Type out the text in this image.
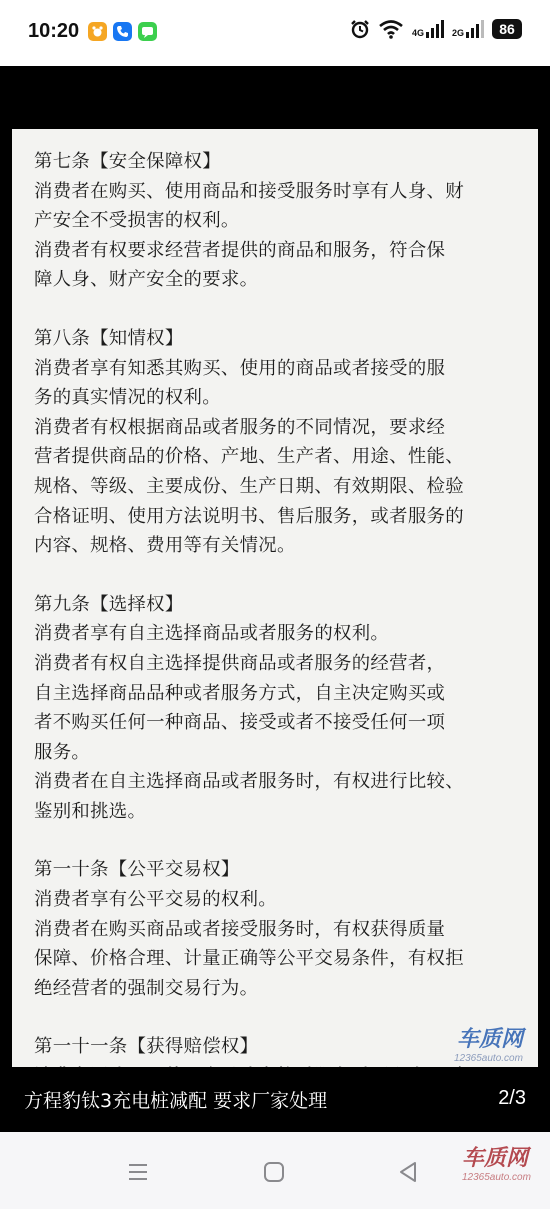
10:20	4G	2G	86

第七条【安全保障权】

消费者在购买、使用商品和接受服务时享有人身、财

产安全不受损害的权利。

消费者有权要求经营者提供的商品和服务，符合保

障人身、财产安全的要求。

第八条【知情权】

消费者享有知悉其购买、使用的商品或者接受的服

务的真实情况的权利。

消费者有权根据商品或者服务的不同情况，要求经

营者提供商品的价格、产地、生产者、用途、性能、

规格、等级、主要成份、生产日期、有效期限、检验

合格证明、使用方法说明书、售后服务，或者服务的

内容、规格、费用等有关情况。

第九条【选择权】

消费者享有自主选择商品或者服务的权利。

消费者有权自主选择提供商品或者服务的经营者，

自主选择商品品种或者服务方式，自主决定购买或

者不购买任何一种商品、接受或者不接受任何一项

服务。

消费者在自主选择商品或者服务时，有权进行比较、

鉴别和挑选。

第一十条【公平交易权】

消费者享有公平交易的权利。

消费者在购买商品或者接受服务时，有权获得质量

保障、价格合理、计量正确等公平交易条件，有权拒

绝经营者的强制交易行为。

第一十一条【获得赔偿权】	车质网
12365auto.com
方程豹钛3充电桩减配 要求厂家处理	2/3
车质网
12365auto.com
